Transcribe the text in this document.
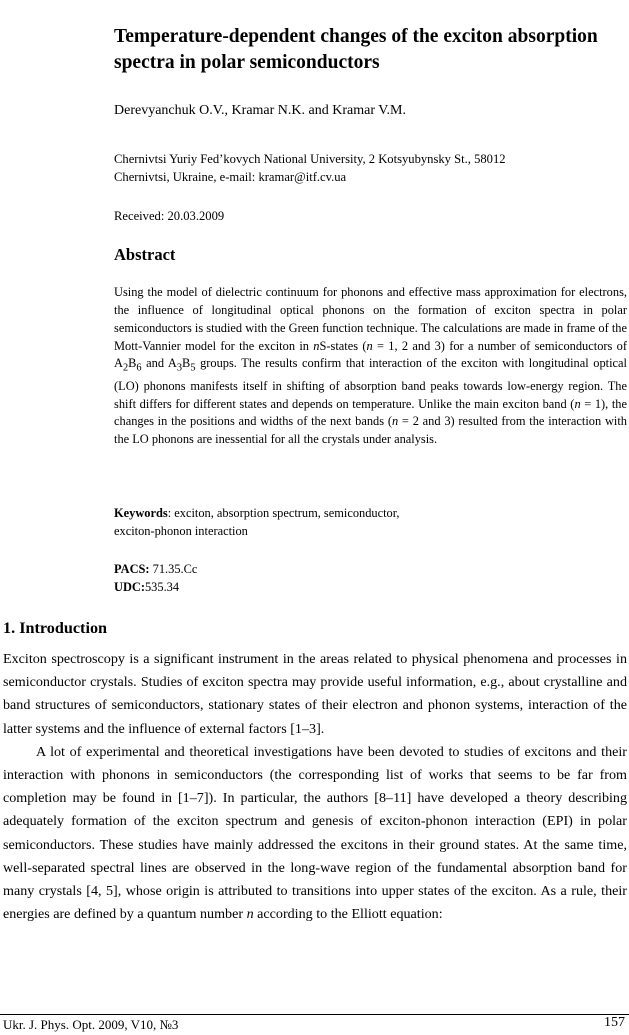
Temperature-dependent changes of the exciton absorption spectra in polar semiconductors
Derevyanchuk O.V., Kramar N.K. and Kramar V.M.
Chernivtsi Yuriy Fed’kovych National University, 2 Kotsyubynsky St., 58012
Chernivtsi, Ukraine, e-mail: kramar@itf.cv.ua
Received: 20.03.2009
Abstract
Using the model of dielectric continuum for phonons and effective mass approximation for electrons, the influence of longitudinal optical phonons on the formation of exciton spectra in polar semiconductors is studied with the Green function technique. The calculations are made in frame of the Mott-Vannier model for the exciton in nS-states (n = 1, 2 and 3) for a number of semiconductors of $A_2B_6$ and $A_3B_5$ groups. The results confirm that interaction of the exciton with longitudinal optical (LO) phonons manifests itself in shifting of absorption band peaks towards low-energy region. The shift differs for different states and depends on temperature. Unlike the main exciton band (n = 1), the changes in the positions and widths of the next bands (n = 2 and 3) resulted from the interaction with the LO phonons are inessential for all the crystals under analysis.
Keywords: exciton, absorption spectrum, semiconductor,
exciton-phonon interaction
PACS: 71.35.Cc
UDC:535.34
1. Introduction

Exciton spectroscopy is a significant instrument in the areas related to physical phenomena and processes in semiconductor crystals. Studies of exciton spectra may provide useful information, e.g., about crystalline and band structures of semiconductors, stationary states of their electron and phonon systems, interaction of the latter systems and the influence of external factors [1–3].

A lot of experimental and theoretical investigations have been devoted to studies of excitons and their interaction with phonons in semiconductors (the corresponding list of works that seems to be far from completion may be found in [1–7]). In particular, the authors [8–11] have developed a theory describing adequately formation of the exciton spectrum and genesis of exciton-phonon interaction (EPI) in polar semiconductors. These studies have mainly addressed the excitons in their ground states. At the same time, well-separated spectral lines are observed in the long-wave region of the fundamental absorption band for many crystals [4, 5], whose origin is attributed to transitions into upper states of the exciton. As a rule, their energies are defined by a quantum number n according to the Elliott equation:

Ukr. J. Phys. Opt. 2009, V10, №3	157
